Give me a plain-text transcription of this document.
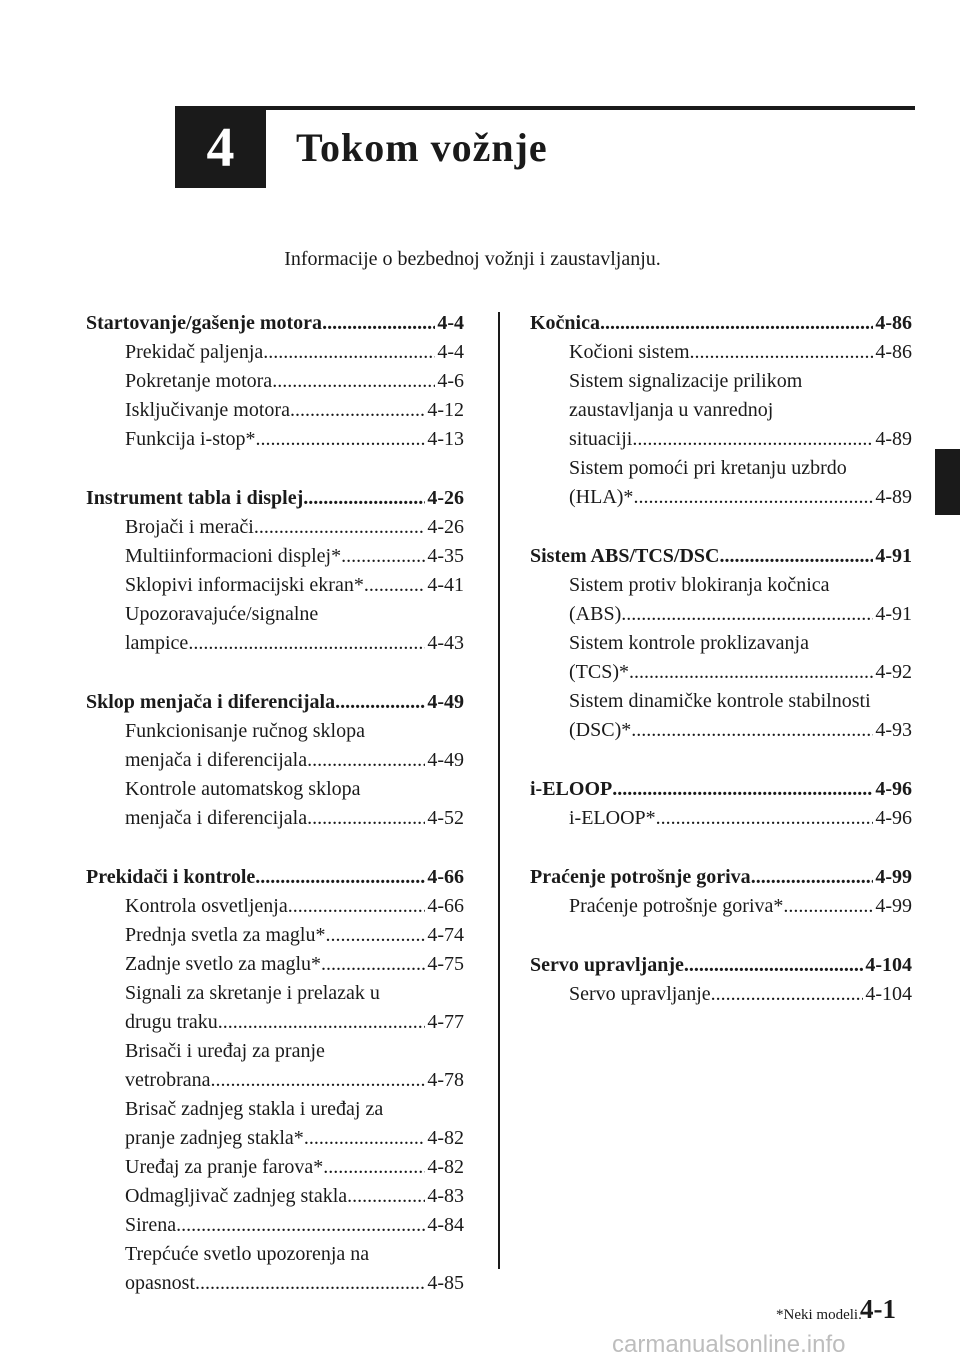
4 Tokom vožnje
Informacije o bezbednoj vožnji i zaustavljanju.
Startovanje/gašenje motora .....	4-4
Prekidač paljenja .....	4-4
Pokretanje motora .....	4-6
Isključivanje motora .....	4-12
Funkcija i-stop* .....	4-13
Instrument tabla i displej .....	4-26
Brojači i merači .....	4-26
Multiinformacioni displej* .....	4-35
Sklopivi informacijski ekran* .....	4-41
Upozoravajuće/signalne
lampice .....	4-43
Sklop menjača i diferencijala .....	4-49
Funkcionisanje ručnog sklopa
menjača i diferencijala .....	4-49
Kontrole automatskog sklopa
menjača i diferencijala .....	4-52
Prekidači i kontrole .....	4-66
Kontrola osvetljenja .....	4-66
Prednja svetla za maglu* .....	4-74
Zadnje svetlo za maglu* .....	4-75
Signali za skretanje i prelazak u
drugu traku .....	4-77
Brisači i uređaj za pranje
vetrobrana .....	4-78
Brisač zadnjeg stakla i uređaj za
pranje zadnjeg stakla* .....	4-82
Uređaj za pranje farova* .....	4-82
Odmagljivač zadnjeg stakla .....	4-83
Sirena .....	4-84
Trepćuće svetlo upozorenja na
opasnost .....	4-85
Kočnica .....	4-86
Kočioni sistem .....	4-86
Sistem signalizacije prilikom
zaustavljanja u vanrednoj
situaciji .....	4-89
Sistem pomoći pri kretanju uzbrdo
(HLA)* .....	4-89
Sistem ABS/TCS/DSC .....	4-91
Sistem protiv blokiranja kočnica
(ABS) .....	4-91
Sistem kontrole proklizavanja
(TCS)* .....	4-92
Sistem dinamičke kontrole stabilnosti
(DSC)* .....	4-93
i-ELOOP .....	4-96
i-ELOOP* .....	4-96
Praćenje potrošnje goriva .....	4-99
Praćenje potrošnje goriva* .....	4-99
Servo upravljanje .....	4-104
Servo upravljanje .....	4-104
*Neki modeli.
4-1
carmanualsonline.info
